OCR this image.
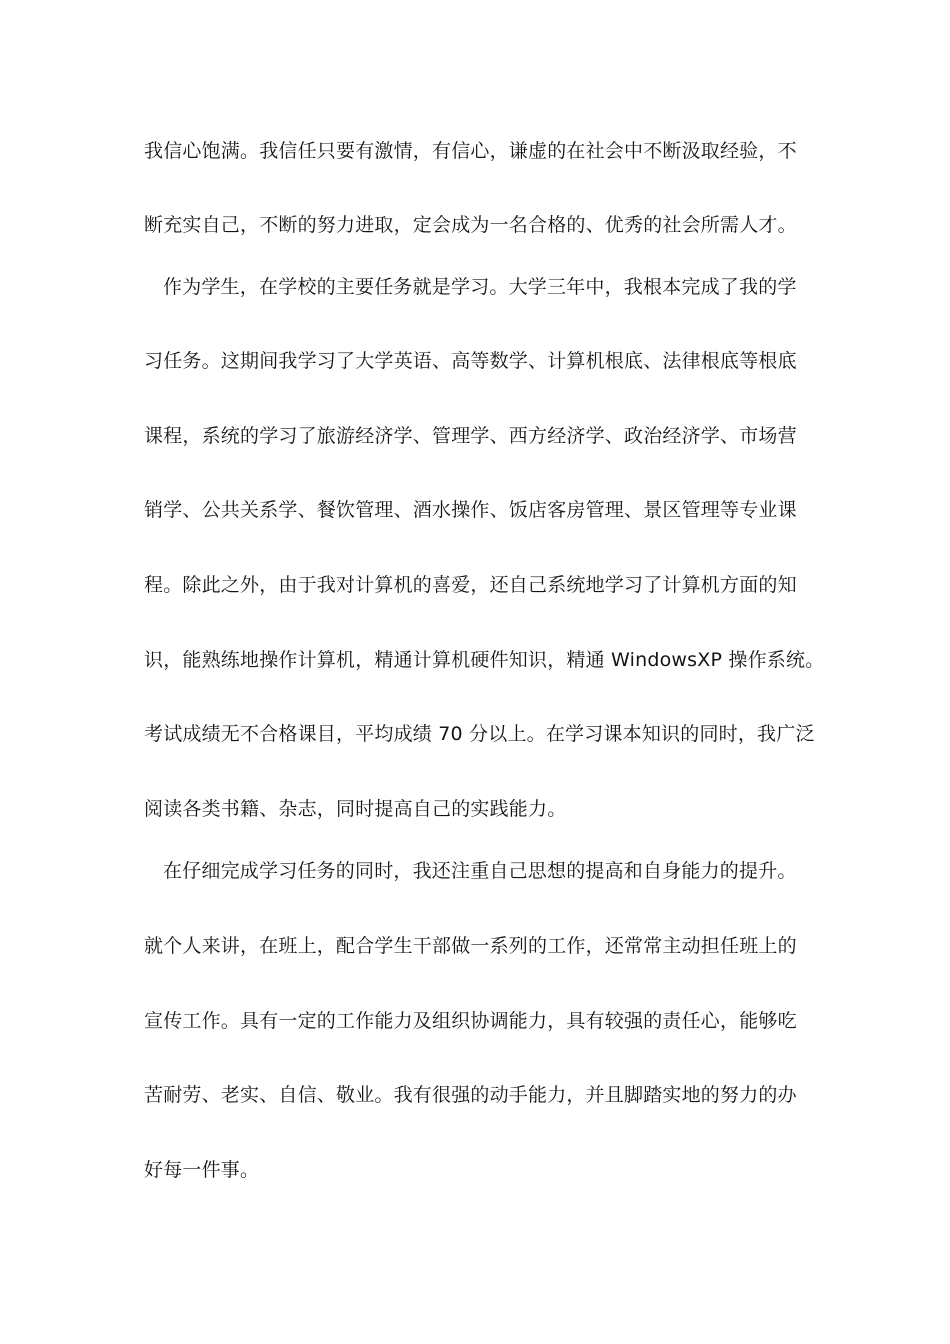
我信心饱满。我信任只要有激情，有信心，谦虚的在社会中不断汲取经验，不

断充实自己，不断的努力进取，定会成为一名合格的、优秀的社会所需人才。

作为学生，在学校的主要任务就是学习。大学三年中，我根本完成了我的学

习任务。这期间我学习了大学英语、高等数学、计算机根底、法律根底等根底

课程，系统的学习了旅游经济学、管理学、西方经济学、政治经济学、市场营

销学、公共关系学、餐饮管理、酒水操作、饭店客房管理、景区管理等专业课

程。除此之外，由于我对计算机的喜爱，还自己系统地学习了计算机方面的知

识，能熟练地操作计算机，精通计算机硬件知识，精通 WindowsXP 操作系统。

考试成绩无不合格课目，平均成绩 70 分以上。在学习课本知识的同时，我广泛

阅读各类书籍、杂志，同时提高自己的实践能力。

在仔细完成学习任务的同时，我还注重自己思想的提高和自身能力的提升。

就个人来讲，在班上，配合学生干部做一系列的工作，还常常主动担任班上的

宣传工作。具有一定的工作能力及组织协调能力，具有较强的责任心，能够吃

苦耐劳、老实、自信、敬业。我有很强的动手能力，并且脚踏实地的努力的办

好每一件事。
